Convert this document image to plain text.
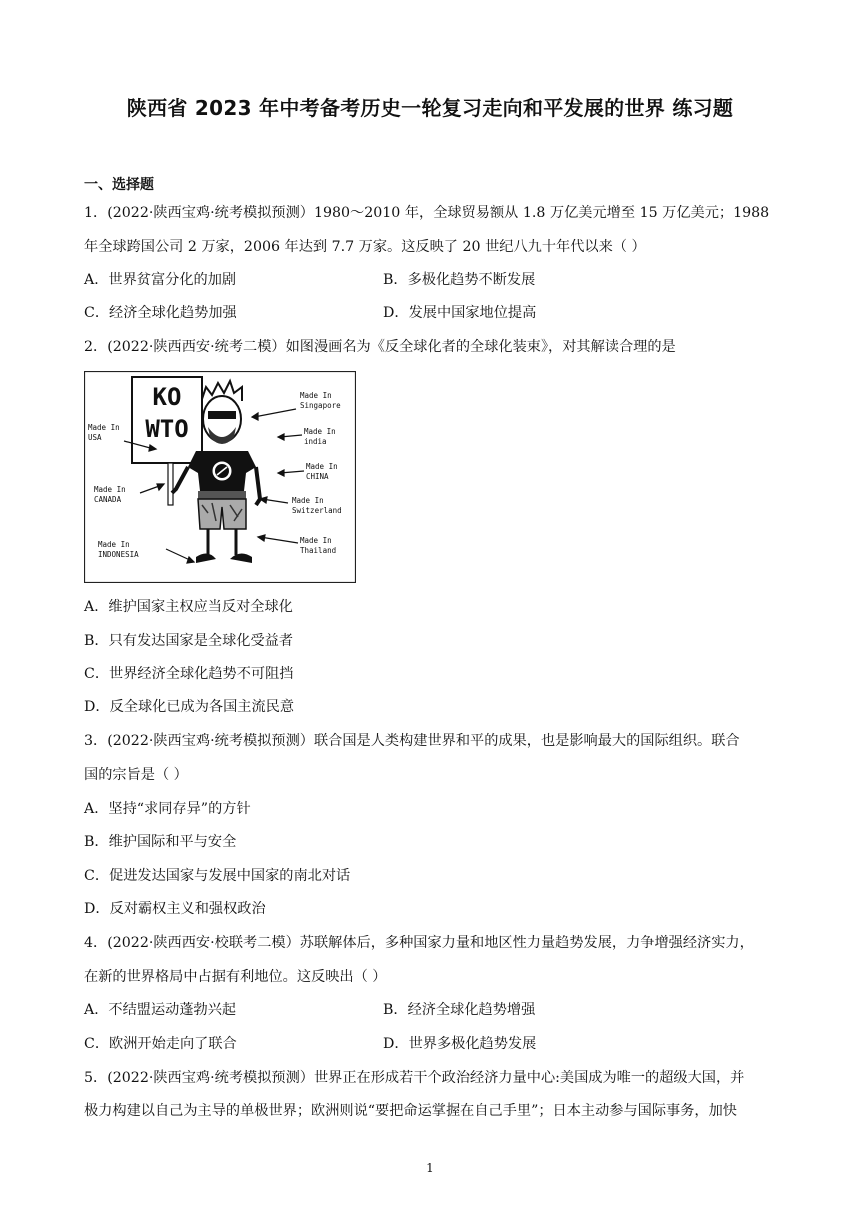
陕西省 2023 年中考备考历史一轮复习走向和平发展的世界 练习题
一、选择题
1．(2022·陕西宝鸡·统考模拟预测）1980～2010 年，全球贸易额从 1.8 万亿美元增至 15 万亿美元；1988
年全球跨国公司 2 万家，2006 年达到 7.7 万家。这反映了 20 世纪八九十年代以来（ ）
A．世界贫富分化的加剧	B．多极化趋势不断发展
C．经济全球化趋势加强	D．发展中国家地位提高
2．(2022·陕西西安·统考二模）如图漫画名为《反全球化者的全球化装束》，对其解读合理的是
KO
WTO
Made In
Singapore
Made In
india
Made In
CHINA
Made In
Switzerland
Made In
Thailand
Made In
USA
Made In
CANADA
Made In
INDONESIA
A．维护国家主权应当反对全球化
B．只有发达国家是全球化受益者
C．世界经济全球化趋势不可阻挡
D．反全球化已成为各国主流民意
3．(2022·陕西宝鸡·统考模拟预测）联合国是人类构建世界和平的成果，也是影响最大的国际组织。联合
国的宗旨是（ ）
A．坚持“求同存异”的方针
B．维护国际和平与安全
C．促进发达国家与发展中国家的南北对话
D．反对霸权主义和强权政治
4．(2022·陕西西安·校联考二模）苏联解体后，多种国家力量和地区性力量趋势发展，力争增强经济实力，
在新的世界格局中占据有利地位。这反映出（ ）
A．不结盟运动蓬勃兴起	B．经济全球化趋势增强
C．欧洲开始走向了联合	D．世界多极化趋势发展
5．(2022·陕西宝鸡·统考模拟预测）世界正在形成若干个政治经济力量中心:美国成为唯一的超级大国，并
极力构建以自己为主导的单极世界；欧洲则说“要把命运掌握在自己手里”；日本主动参与国际事务，加快
1
